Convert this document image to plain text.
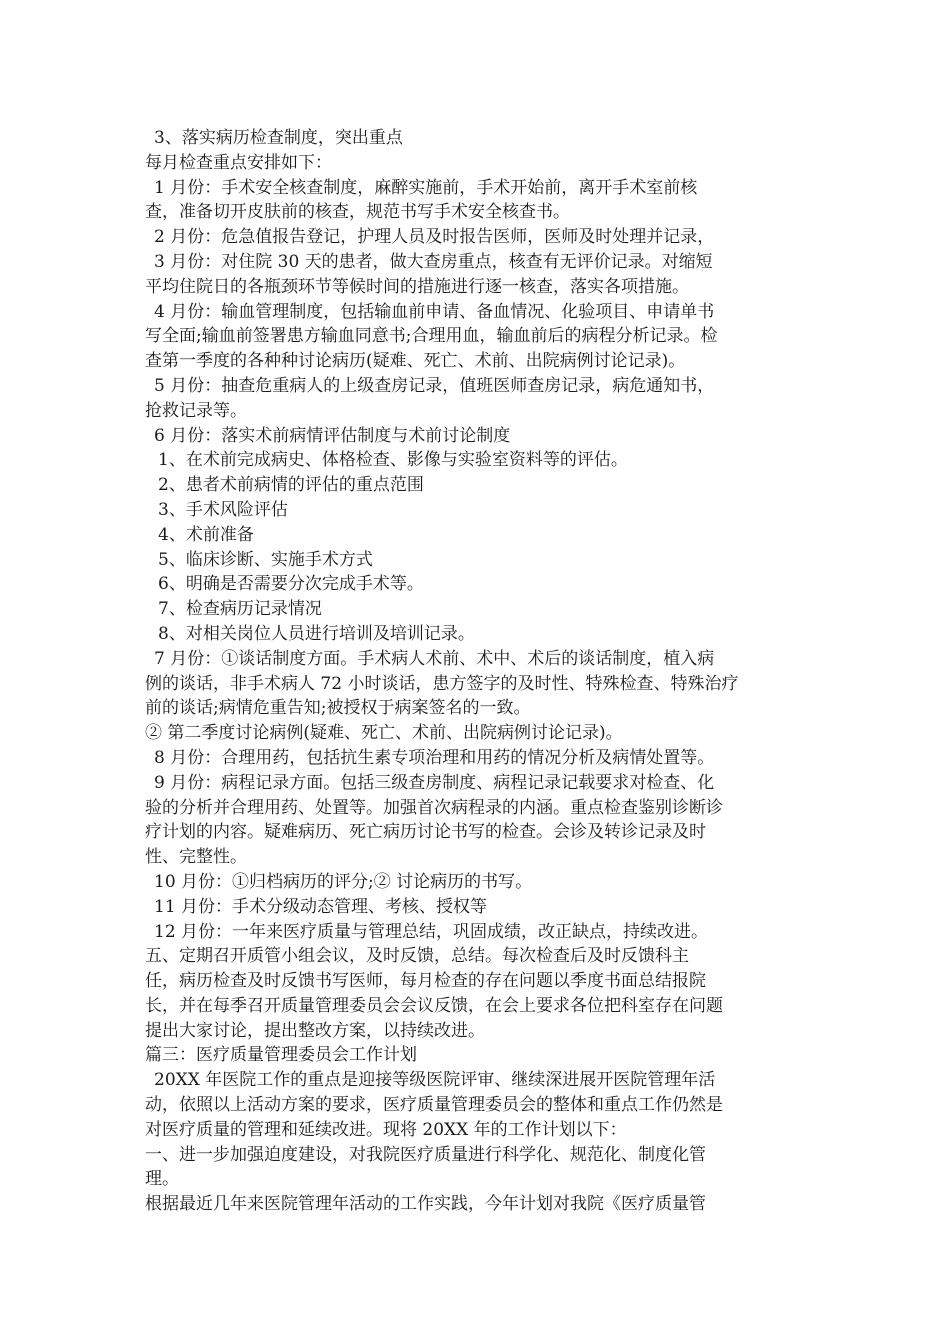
3、落实病历检查制度，突出重点

每月检查重点安排如下：

1 月份：手术安全核查制度，麻醉实施前，手术开始前，离开手术室前核

查，准备切开皮肤前的核查，规范书写手术安全核查书。

2 月份：危急值报告登记，护理人员及时报告医师，医师及时处理并记录，

3 月份：对住院 30 天的患者，做大查房重点，核查有无评价记录。对缩短

平均住院日的各瓶颈环节等候时间的措施进行逐一核查，落实各项措施。

4 月份：输血管理制度，包括输血前申请、备血情况、化验项目、申请单书

写全面;输血前签署患方输血同意书;合理用血，输血前后的病程分析记录。检

查第一季度的各种种讨论病历(疑难、死亡、术前、出院病例讨论记录)。

5 月份：抽查危重病人的上级查房记录，值班医师查房记录，病危通知书，

抢救记录等。

6 月份：落实术前病情评估制度与术前讨论制度

1、在术前完成病史、体格检查、影像与实验室资料等的评估。

2、患者术前病情的评估的重点范围

3、手术风险评估

4、术前准备

5、临床诊断、实施手术方式

6、明确是否需要分次完成手术等。

7、检查病历记录情况

8、对相关岗位人员进行培训及培训记录。

7 月份：①谈话制度方面。手术病人术前、术中、术后的谈话制度，植入病

例的谈话，非手术病人 72 小时谈话，患方签字的及时性、特殊检查、特殊治疗

前的谈话;病情危重告知;被授权于病案签名的一致。

② 第二季度讨论病例(疑难、死亡、术前、出院病例讨论记录)。

8 月份：合理用药，包括抗生素专项治理和用药的情况分析及病情处置等。

9 月份：病程记录方面。包括三级查房制度、病程记录记载要求对检查、化

验的分析并合理用药、处置等。加强首次病程录的内涵。重点检查鉴别诊断诊

疗计划的内容。疑难病历、死亡病历讨论书写的检查。会诊及转诊记录及时

性、完整性。

10 月份：①归档病历的评分;② 讨论病历的书写。

11 月份：手术分级动态管理、考核、授权等

12 月份：一年来医疗质量与管理总结，巩固成绩，改正缺点，持续改进。

五、定期召开质管小组会议，及时反馈，总结。每次检查后及时反馈科主

任，病历检查及时反馈书写医师，每月检查的存在问题以季度书面总结报院

长，并在每季召开质量管理委员会会议反馈，在会上要求各位把科室存在问题

提出大家讨论，提出整改方案，以持续改进。

篇三：医疗质量管理委员会工作计划

20XX 年医院工作的重点是迎接等级医院评审、继续深进展开医院管理年活

动，依照以上活动方案的要求，医疗质量管理委员会的整体和重点工作仍然是

对医疗质量的管理和延续改进。现将 20XX 年的工作计划以下：

一、进一步加强迫度建设，对我院医疗质量进行科学化、规范化、制度化管

理。

根据最近几年来医院管理年活动的工作实践，今年计划对我院《医疗质量管
